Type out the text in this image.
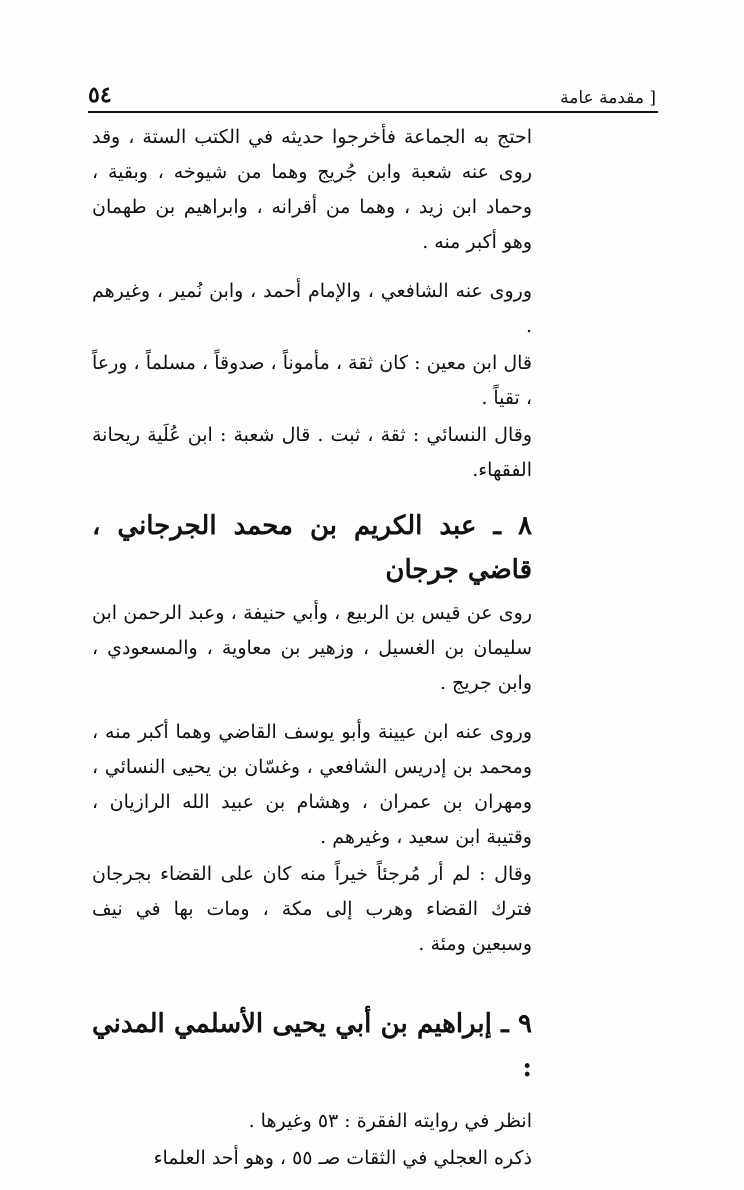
٥٤	[ مقدمة عامة

احتج به الجماعة فأخرجوا حديثه في الكتب الستة ، وقد روى عنه شعبة وابن جُريج وهما من شيوخه ، وبقية ، وحماد ابن زيد ، وهما من أقرانه ، وابراهيم بن طهمان وهو أكبر منه .

وروى عنه الشافعي ، والإمام أحمد ، وابن نُمير ، وغيرهم .

قال ابن معين : كان ثقة ، مأموناً ، صدوقاً ، مسلماً ، ورعاً ، تقياً .

وقال النسائي : ثقة ، ثبت . قال شعبة : ابن عُلَية ريحانة الفقهاء.

٨ ـ عبد الكريم بن محمد الجرجاني ، قاضي جرجان

روى عن قيس بن الربيع ، وأبي حنيفة ، وعبد الرحمن ابن سليمان بن الغسيل ، وزهير بن معاوية ، والمسعودي ، وابن جريج .

وروى عنه ابن عيينة وأبو يوسف القاضي وهما أكبر منه ، ومحمد بن إدريس الشافعي ، وغسّان بن يحيى النسائي ، ومهران بن عمران ، وهشام بن عبيد الله الرازيان ، وقتيبة ابن سعيد ، وغيرهم .

وقال : لم أر مُرجئاً خيراً منه كان على القضاء بجرجان فترك القضاء وهرب إلى مكة ، ومات بها في نيف وسبعين ومئة .

٩ ـ إبراهيم بن أبي يحيى الأسلمي المدني :

انظر في روايته الفقرة : ٥٣ وغيرها .

ذكره العجلي في الثقات صـ ٥٥ ، وهو أحد العلماء
